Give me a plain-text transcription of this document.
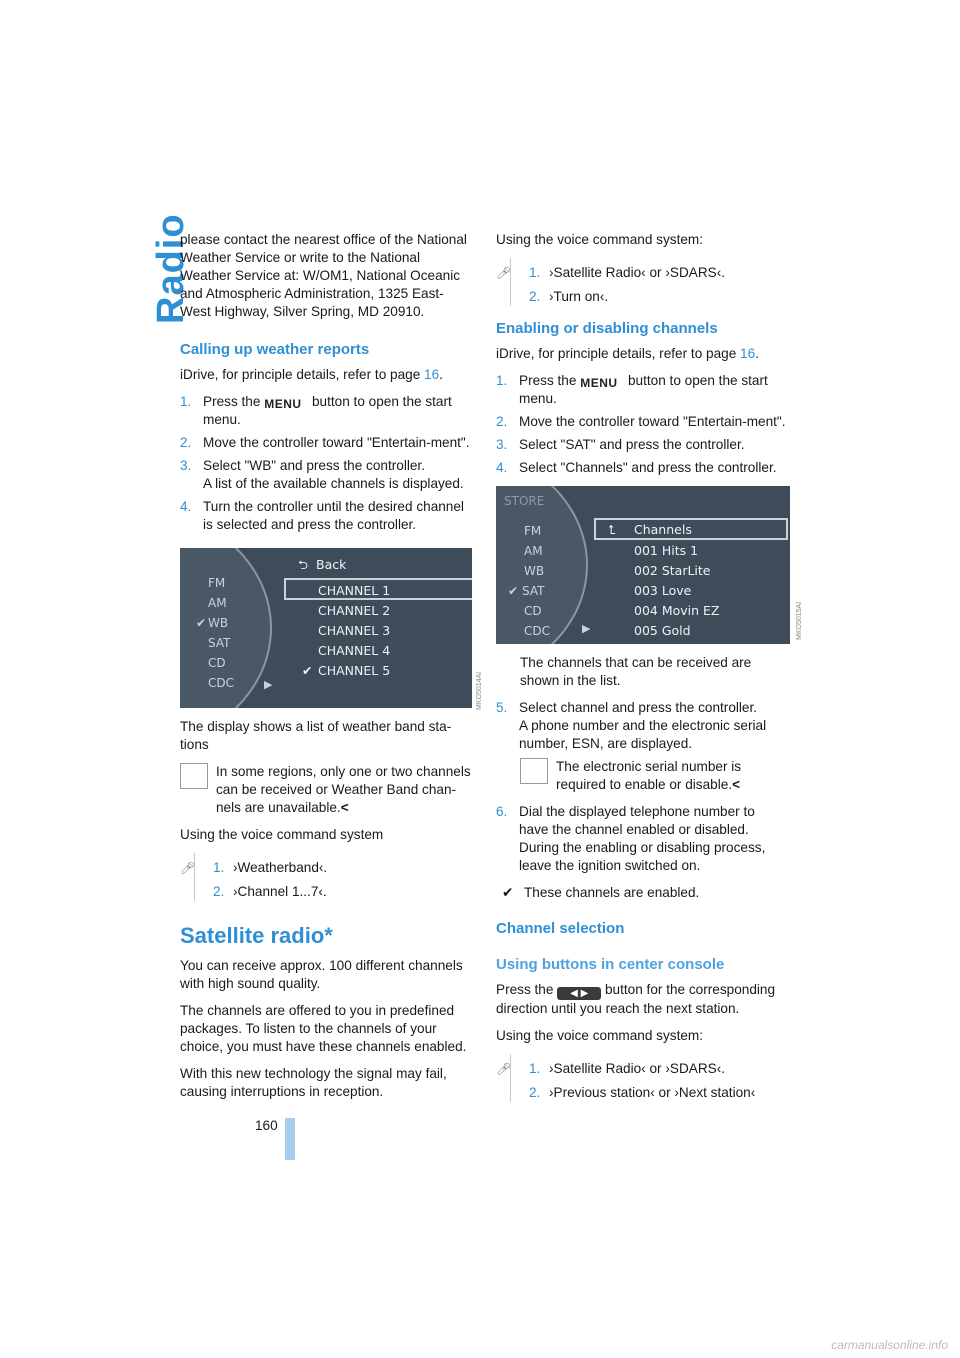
Radio

please contact the nearest office of the National Weather Service or write to the National Weather Service at: W/OM1, National Oceanic and Atmospheric Administration, 1325 East-West Highway, Silver Spring, MD 20910.

Calling up weather reports

iDrive, for principle details, refer to page 16.

1. Press the MENU button to open the start menu.
2. Move the controller toward "Entertain-ment".
3. Select "WB" and press the controller.
A list of the available channels is displayed.
4. Turn the controller until the desired channel is selected and press the controller.
FM
AM
✔ WB
SAT
CD
CDC
⮌ Back
CHANNEL 1
CHANNEL 2
CHANNEL 3
CHANNEL 4
✔ CHANNEL 5
▶

The display shows a list of weather band sta-tions

In some regions, only one or two channels can be received or Weather Band chan-nels are unavailable.<

Using the voice command system

🎤︎ 1. ›Weatherband‹.
2. ›Channel 1...7‹.
Satellite radio*

You can receive approx. 100 different channels with high sound quality.

The channels are offered to you in predefined packages. To listen to the channels of your choice, you must have these channels enabled.

With this new technology the signal may fail, causing interruptions in reception.

Using the voice command system:

🎤︎ 1. ›Satellite Radio‹ or ›SDARS‹.
2. ›Turn on‹.
Enabling or disabling channels

iDrive, for principle details, refer to page 16.

1. Press the MENU button to open the start menu.
2. Move the controller toward "Entertain-ment".
3. Select "SAT" and press the controller.
4. Select "Channels" and press the controller.
STORE
FM
AM
WB
✔ SAT
CD
CDC
⮤ Channels
001 Hits 1
002 StarLite
003 Love
004 Movin EZ
005 Gold
▶

The channels that can be received are shown in the list.

5. Select channel and press the controller.
A phone number and the electronic serial number, ESN, are displayed.
The electronic serial number is required to enable or disable.<
6. Dial the displayed telephone number to have the channel enabled or disabled.
During the enabling or disabling process, leave the ignition switched on.
✔ These channels are enabled.
Channel selection
Using buttons in center console

Press the ◀ ▶ button for the corresponding direction until you reach the next station.

Using the voice command system:

🎤︎ 1. ›Satellite Radio‹ or ›SDARS‹.
2. ›Previous station‹ or ›Next station‹
MKO5014AI
MKO5015AI
160
carmanualsonline.info
